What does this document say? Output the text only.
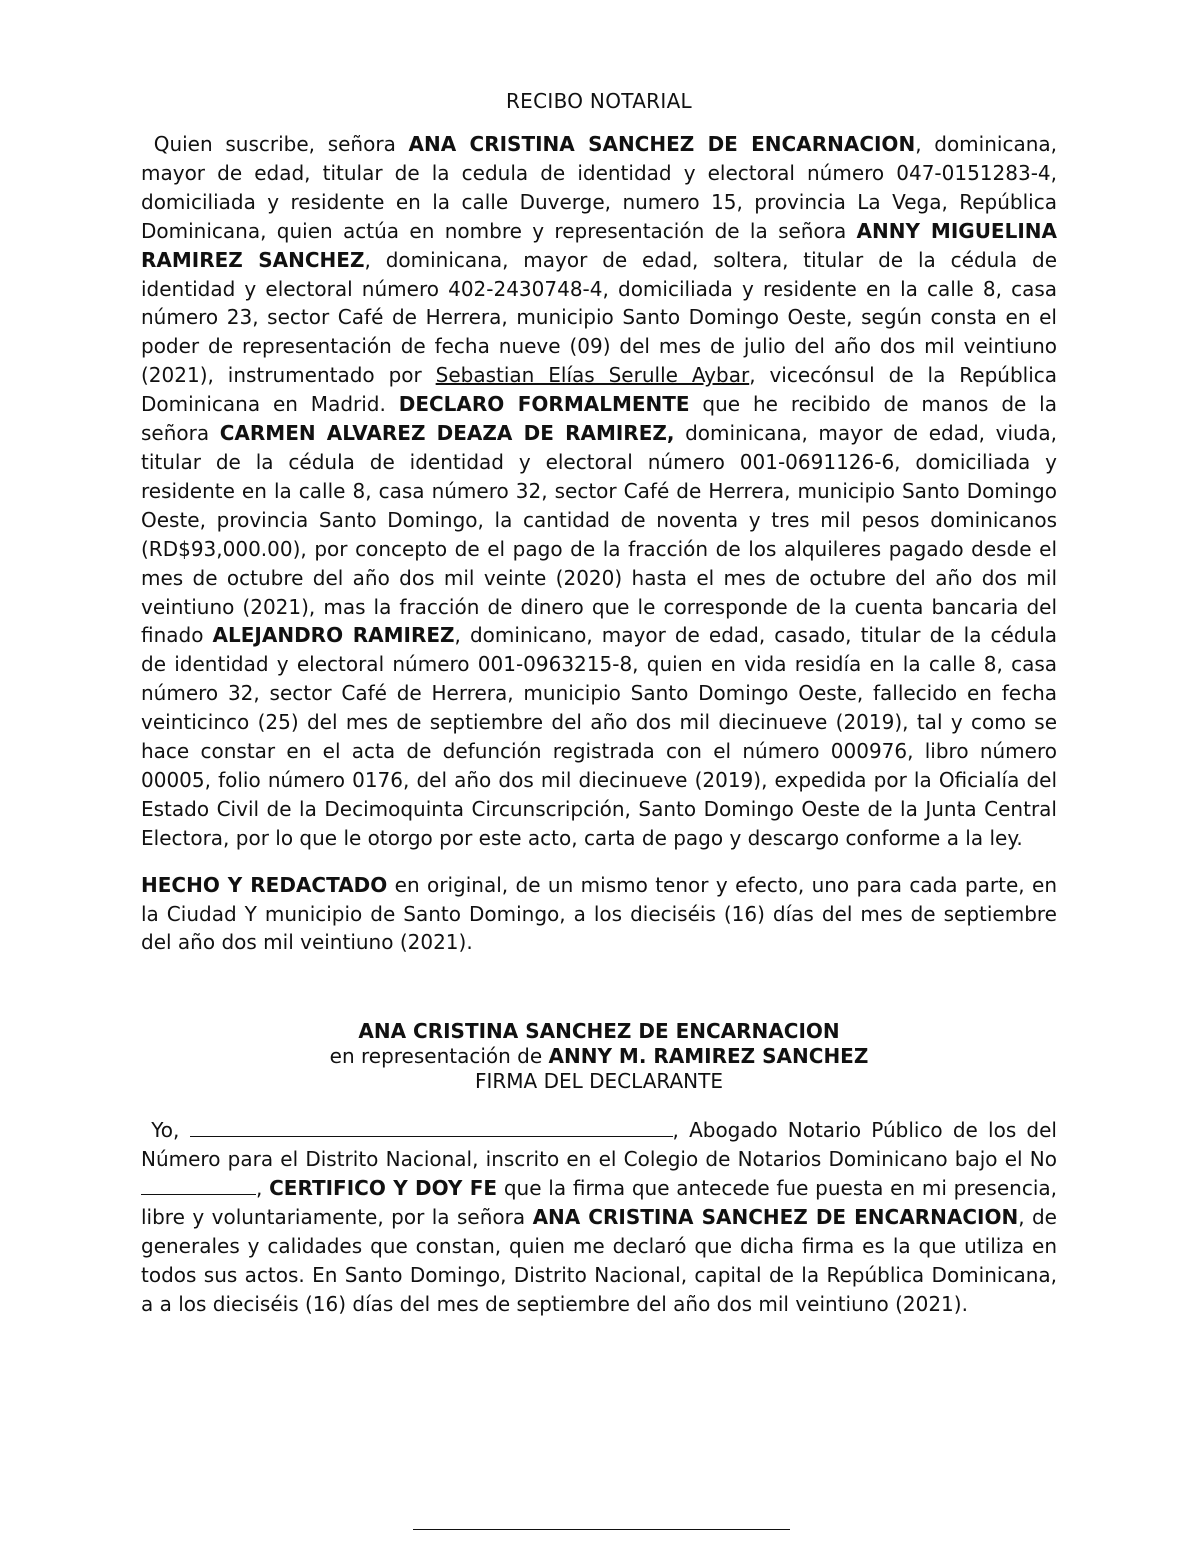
RECIBO NOTARIAL

Quien suscribe, señora ANA CRISTINA SANCHEZ DE ENCARNACION, dominicana, mayor de edad, titular de la cedula de identidad y electoral número 047-0151283-4, domiciliada y residente en la calle Duverge, numero 15, provincia La Vega, República Dominicana, quien actúa en nombre y representación de la señora ANNY MIGUELINA RAMIREZ SANCHEZ, dominicana, mayor de edad, soltera, titular de la cédula de identidad y electoral número 402-2430748-4, domiciliada y residente en la calle 8, casa número 23, sector Café de Herrera, municipio Santo Domingo Oeste, según consta en el poder de representación de fecha nueve (09) del mes de julio del año dos mil veintiuno (2021), instrumentado por Sebastian Elías Serulle Aybar, vicecónsul de la República Dominicana en Madrid. DECLARO FORMALMENTE que he recibido de manos de la señora CARMEN ALVAREZ DEAZA DE RAMIREZ, dominicana, mayor de edad, viuda, titular de la cédula de identidad y electoral número 001-0691126-6, domiciliada y residente en la calle 8, casa número 32, sector Café de Herrera, municipio Santo Domingo Oeste, provincia Santo Domingo, la cantidad de noventa y tres mil pesos dominicanos (RD$93,000.00), por concepto de el pago de la fracción de los alquileres pagado desde el mes de octubre del año dos mil veinte (2020) hasta el mes de octubre del año dos mil veintiuno (2021), mas la fracción de dinero que le corresponde de la cuenta bancaria del finado ALEJANDRO RAMIREZ, dominicano, mayor de edad, casado, titular de la cédula de identidad y electoral número 001-0963215-8, quien en vida residía en la calle 8, casa número 32, sector Café de Herrera, municipio Santo Domingo Oeste, fallecido en fecha veinticinco (25) del mes de septiembre del año dos mil diecinueve (2019), tal y como se hace constar en el acta de defunción registrada con el número 000976, libro número 00005, folio número 0176, del año dos mil diecinueve (2019), expedida por la Oficialía del Estado Civil de la Decimoquinta Circunscripción, Santo Domingo Oeste de la Junta Central Electora, por lo que le otorgo por este acto, carta de pago y descargo conforme a la ley.

HECHO Y REDACTADO en original, de un mismo tenor y efecto, uno para cada parte, en la Ciudad Y municipio de Santo Domingo, a los dieciséis (16) días del mes de septiembre del año dos mil veintiuno (2021).

ANA CRISTINA SANCHEZ DE ENCARNACION
en representación de ANNY M. RAMIREZ SANCHEZ
FIRMA DEL DECLARANTE

Yo,	, Abogado Notario Público de los del Número para el Distrito Nacional, inscrito en el Colegio de Notarios Dominicano bajo el No , CERTIFICO Y DOY FE que la firma que antecede fue puesta en mi presencia, libre y voluntariamente, por la señora ANA CRISTINA SANCHEZ DE ENCARNACION, de generales y calidades que constan, quien me declaró que dicha firma es la que utiliza en todos sus actos. En Santo Domingo, Distrito Nacional, capital de la República Dominicana, a a los dieciséis (16) días del mes de septiembre del año dos mil veintiuno (2021).
